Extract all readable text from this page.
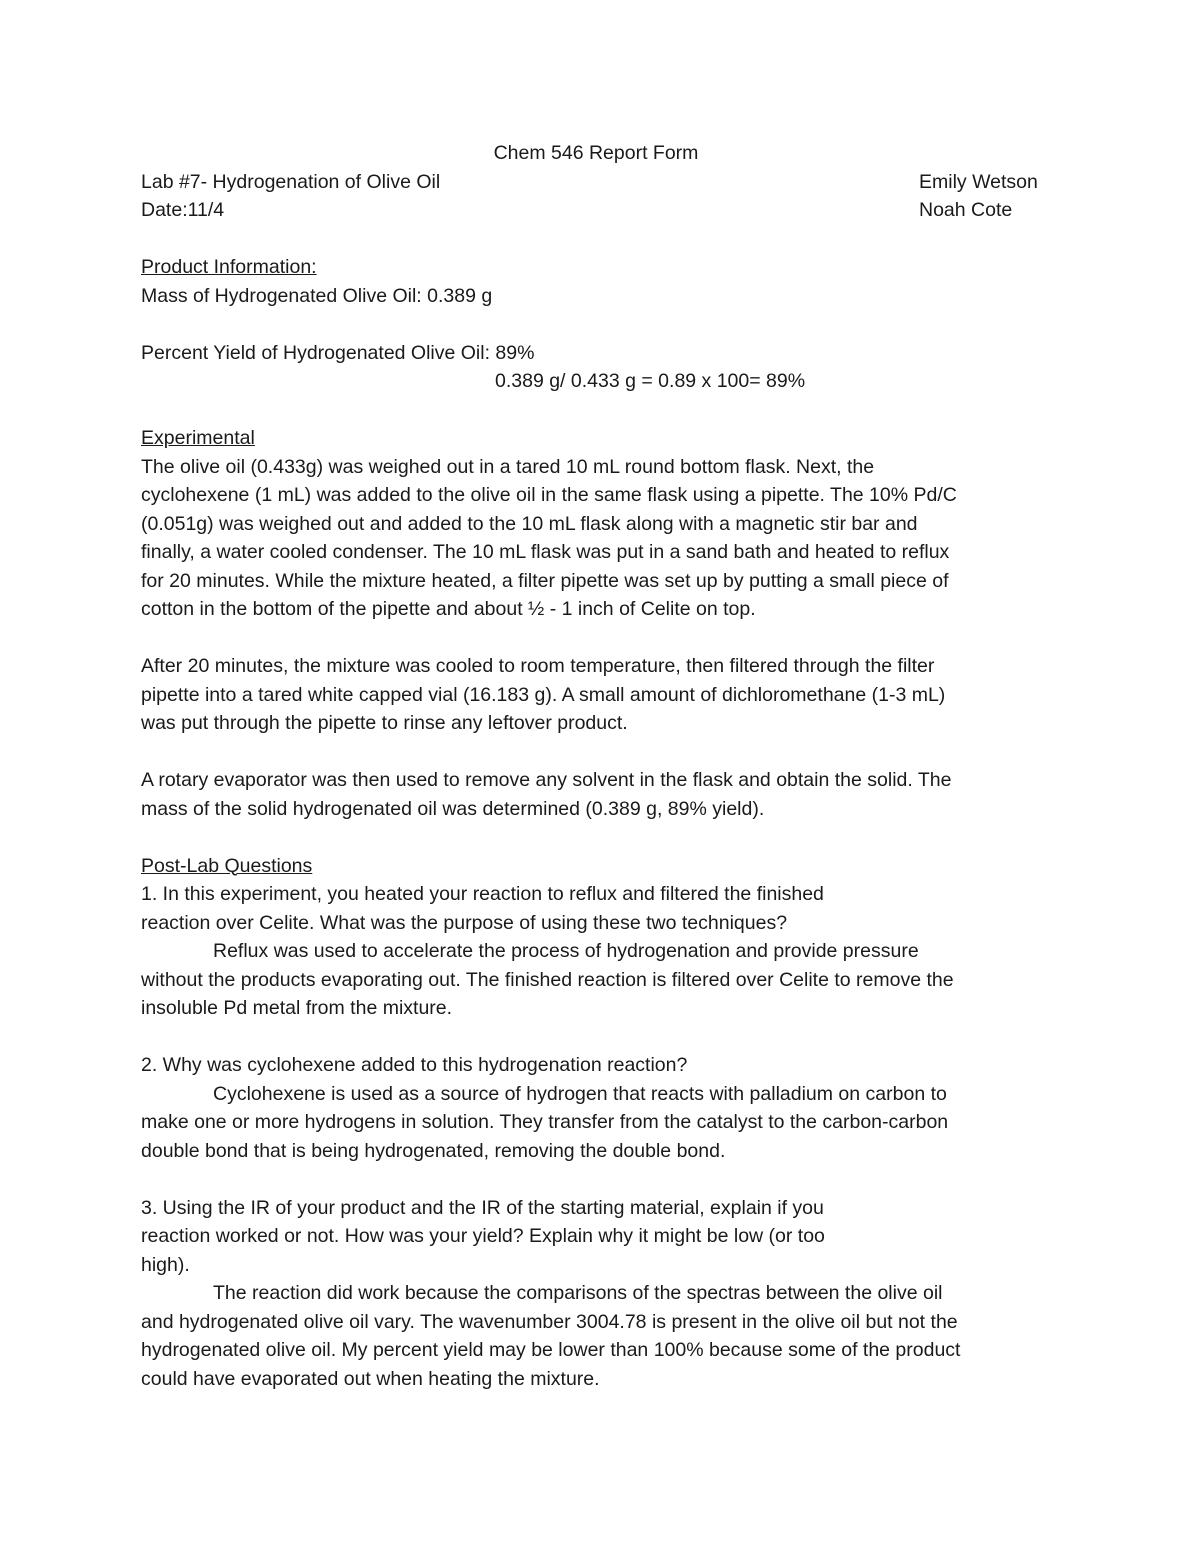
Chem 546 Report Form
Lab #7- Hydrogenation of Olive Oil	Emily Wetson
Date:11/4	Noah Cote
Product Information:
Mass of Hydrogenated Olive Oil: 0.389 g
Percent Yield of Hydrogenated Olive Oil: 89%
0.389 g/ 0.433 g = 0.89 x 100= 89%
Experimental
The olive oil (0.433g) was weighed out in a tared 10 mL round bottom flask. Next, the
cyclohexene (1 mL) was added to the olive oil in the same flask using a pipette. The 10% Pd/C
(0.051g) was weighed out and added to the 10 mL flask along with a magnetic stir bar and
finally, a water cooled condenser. The 10 mL flask was put in a sand bath and heated to reflux
for 20 minutes. While the mixture heated, a filter pipette was set up by putting a small piece of
cotton in the bottom of the pipette and about ½ - 1 inch of Celite on top.
After 20 minutes, the mixture was cooled to room temperature, then filtered through the filter
pipette into a tared white capped vial (16.183 g). A small amount of dichloromethane (1-3 mL)
was put through the pipette to rinse any leftover product.
A rotary evaporator was then used to remove any solvent in the flask and obtain the solid. The
mass of the solid hydrogenated oil was determined (0.389 g, 89% yield).
Post-Lab Questions
1. In this experiment, you heated your reaction to reflux and filtered the finished
reaction over Celite. What was the purpose of using these two techniques?
Reflux was used to accelerate the process of hydrogenation and provide pressure
without the products evaporating out. The finished reaction is filtered over Celite to remove the
insoluble Pd metal from the mixture.
2. Why was cyclohexene added to this hydrogenation reaction?
Cyclohexene is used as a source of hydrogen that reacts with palladium on carbon to
make one or more hydrogens in solution. They transfer from the catalyst to the carbon-carbon
double bond that is being hydrogenated, removing the double bond.
3. Using the IR of your product and the IR of the starting material, explain if you
reaction worked or not. How was your yield? Explain why it might be low (or too
high).
The reaction did work because the comparisons of the spectras between the olive oil
and hydrogenated olive oil vary. The wavenumber 3004.78 is present in the olive oil but not the
hydrogenated olive oil. My percent yield may be lower than 100% because some of the product
could have evaporated out when heating the mixture.
